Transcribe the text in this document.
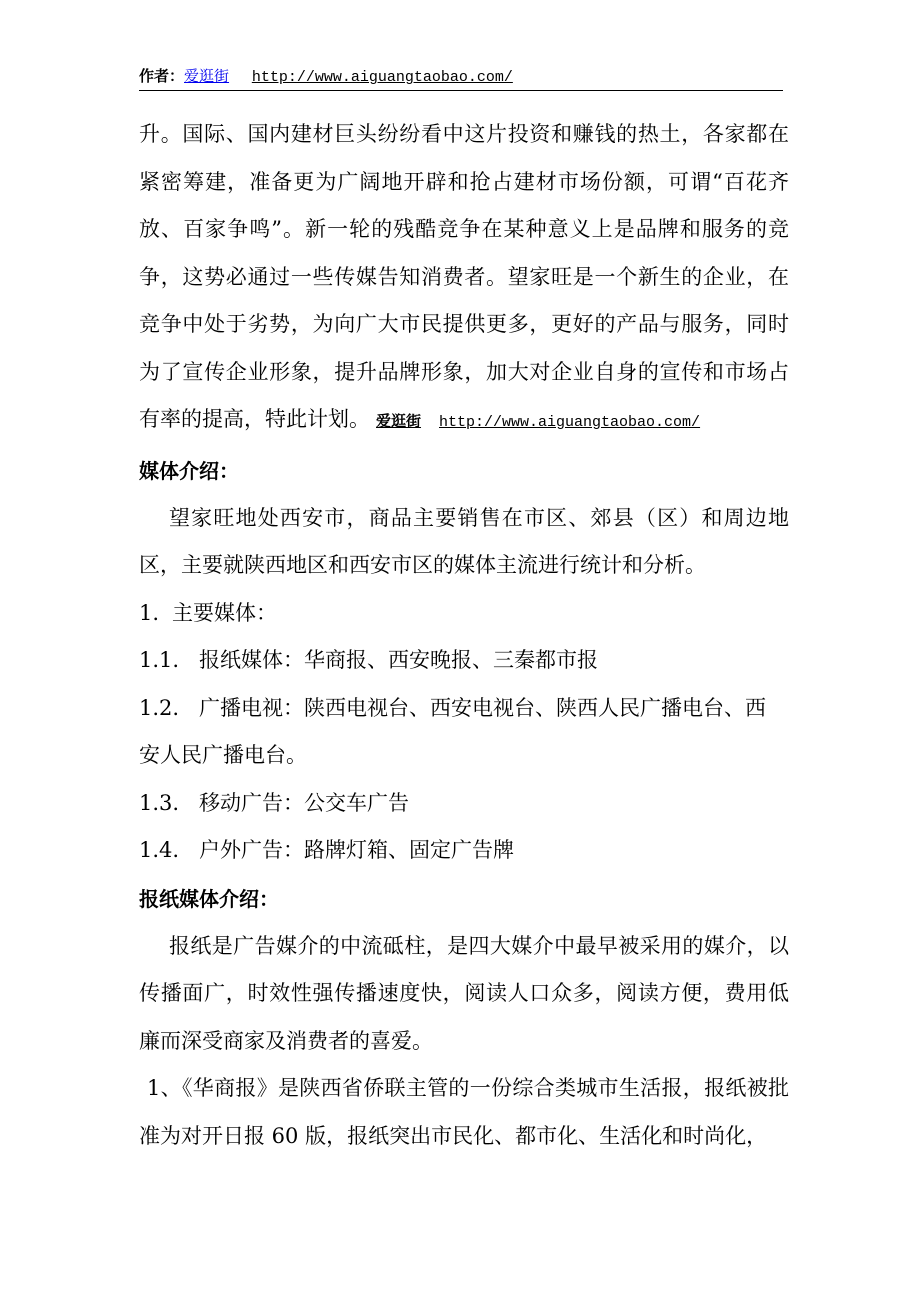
作者：爱逛街 http://www.aiguangtaobao.com/

升。国际、国内建材巨头纷纷看中这片投资和赚钱的热土，各家都在紧密筹建，准备更为广阔地开辟和抢占建材市场份额，可谓“百花齐放、百家争鸣”。新一轮的残酷竞争在某种意义上是品牌和服务的竞争，这势必通过一些传媒告知消费者。望家旺是一个新生的企业，在竞争中处于劣势，为向广大市民提供更多，更好的产品与服务，同时为了宣传企业形象，提升品牌形象，加大对企业自身的宣传和市场占有率的提高，特此计划。 爱逛街 http://www.aiguangtaobao.com/

媒体介绍：

望家旺地处西安市，商品主要销售在市区、郊县（区）和周边地区，主要就陕西地区和西安市区的媒体主流进行统计和分析。

1. 主要媒体：
1.1. 报纸媒体：华商报、西安晚报、三秦都市报
1.2. 广播电视：陕西电视台、西安电视台、陕西人民广播电台、西
安人民广播电台。
1.3. 移动广告：公交车广告
1.4. 户外广告：路牌灯箱、固定广告牌
报纸媒体介绍：

报纸是广告媒介的中流砥柱，是四大媒介中最早被采用的媒介，以传播面广，时效性强传播速度快，阅读人口众多，阅读方便，费用低廉而深受商家及消费者的喜爱。

1、《华商报》是陕西省侨联主管的一份综合类城市生活报，报纸被批准为对开日报 60 版，报纸突出市民化、都市化、生活化和时尚化，
